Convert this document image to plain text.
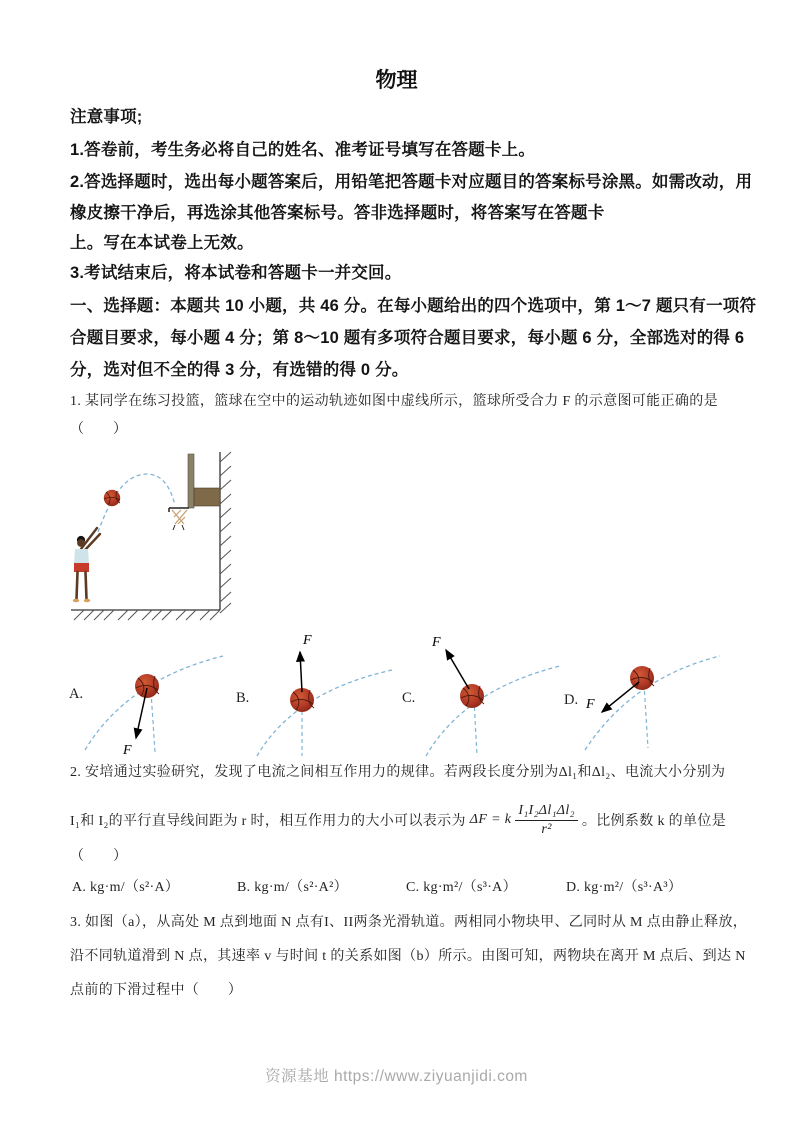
物理
注意事项;
1.答卷前，考生务必将自己的姓名、准考证号填写在答题卡上。
2.答选择题时，选出每小题答案后，用铅笔把答题卡对应题目的答案标号涂黑。如需改动，用
橡皮擦干净后，再选涂其他答案标号。答非选择题时，将答案写在答题卡
上。写在本试卷上无效。
3.考试结束后，将本试卷和答题卡一并交回。
一、选择题：本题共 10 小题，共 46 分。在每小题给出的四个选项中，第 1～7 题只有一项符
合题目要求，每小题 4 分；第 8～10 题有多项符合题目要求，每小题 6 分，全部选对的得 6
分，选对但不全的得 3 分，有选错的得 0 分。
1. 某同学在练习投篮，篮球在空中的运动轨迹如图中虚线所示，篮球所受合力 F 的示意图可能正确的是
（　　）
A.
F
B.
F
C.
F
D. F
2. 安培通过实验研究，发现了电流之间相互作用力的规律。若两段长度分别为Δl₁和Δl₂、电流大小分别为
I₁和 I₂的平行直导线间距为 r 时，相互作用力的大小可以表示为 ΔF = k $\frac{\text{I₁I₂Δl₁Δl₂}}{\text{r²}}$ 。比例系数 k 的单位是
（　　）
A. kg·m/（s²·A）	B. kg·m/（s²·A²）	C. kg·m²/（s³·A）	D. kg·m²/（s³·A³）
3. 如图（a），从高处 M 点到地面 N 点有I、II两条光滑轨道。两相同小物块甲、乙同时从 M 点由静止释放，
沿不同轨道滑到 N 点，其速率 v 与时间 t 的关系如图（b）所示。由图可知，两物块在离开 M 点后、到达 N
点前的下滑过程中（　　）
资源基地 https://www.ziyuanjidi.com
